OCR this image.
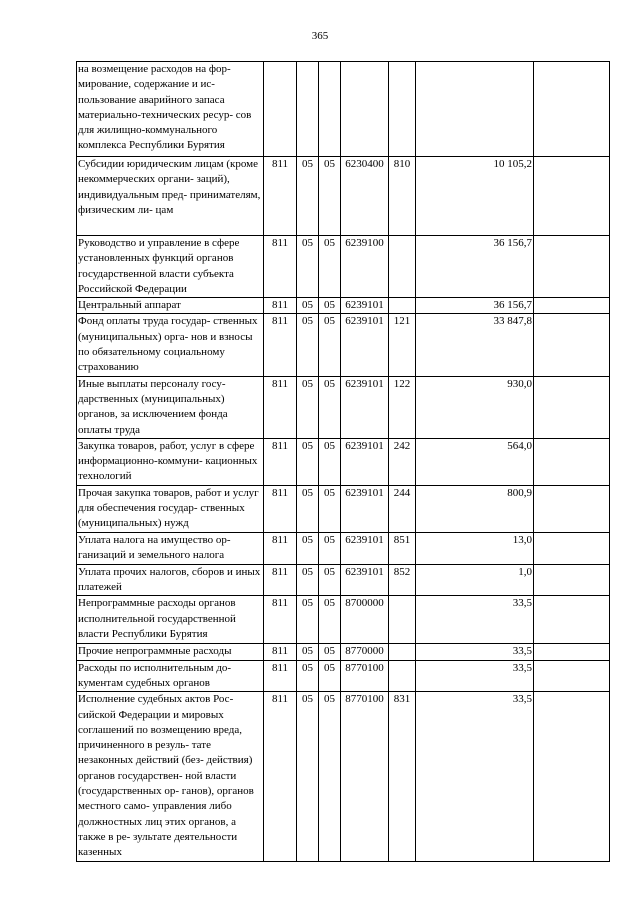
365
на возмещение расходов на фор- мирование, содержание и ис- пользование аварийного запаса материально-технических ресур- сов для жилищно-коммунального комплекса Республики Бурятия							
Субсидии юридическим лицам (кроме некоммерческих органи- заций), индивидуальным пред- принимателям, физическим ли- цам	811	05	05	6230400	810	10 105,2	
Руководство и управление в сфере установленных функций органов государственной власти субъекта Российской Федерации	811	05	05	6239100		36 156,7	
Центральный аппарат	811	05	05	6239101		36 156,7	
Фонд оплаты труда государ- ственных (муниципальных) орга- нов и взносы по обязательному социальному страхованию	811	05	05	6239101	121	33 847,8	
Иные выплаты персоналу госу- дарственных (муниципальных) органов, за исключением фонда оплаты труда	811	05	05	6239101	122	930,0	
Закупка товаров, работ, услуг в сфере информационно-коммуни- кационных технологий	811	05	05	6239101	242	564,0	
Прочая закупка товаров, работ и услуг для обеспечения государ- ственных (муниципальных) нужд	811	05	05	6239101	244	800,9	
Уплата налога на имущество ор- ганизаций и земельного налога	811	05	05	6239101	851	13,0	
Уплата прочих налогов, сборов и иных платежей	811	05	05	6239101	852	1,0	
Непрограммные расходы органов исполнительной государственной власти Республики Бурятия	811	05	05	8700000		33,5	
Прочие непрограммные расходы	811	05	05	8770000		33,5	
Расходы по исполнительным до- кументам судебных органов	811	05	05	8770100		33,5	
Исполнение судебных актов Рос- сийской Федерации и мировых соглашений по возмещению вреда, причиненного в резуль- тате незаконных действий (без- действия) органов государствен- ной власти (государственных ор- ганов), органов местного само- управления либо должностных лиц этих органов, а также в ре- зультате деятельности казенных	811	05	05	8770100	831	33,5	
